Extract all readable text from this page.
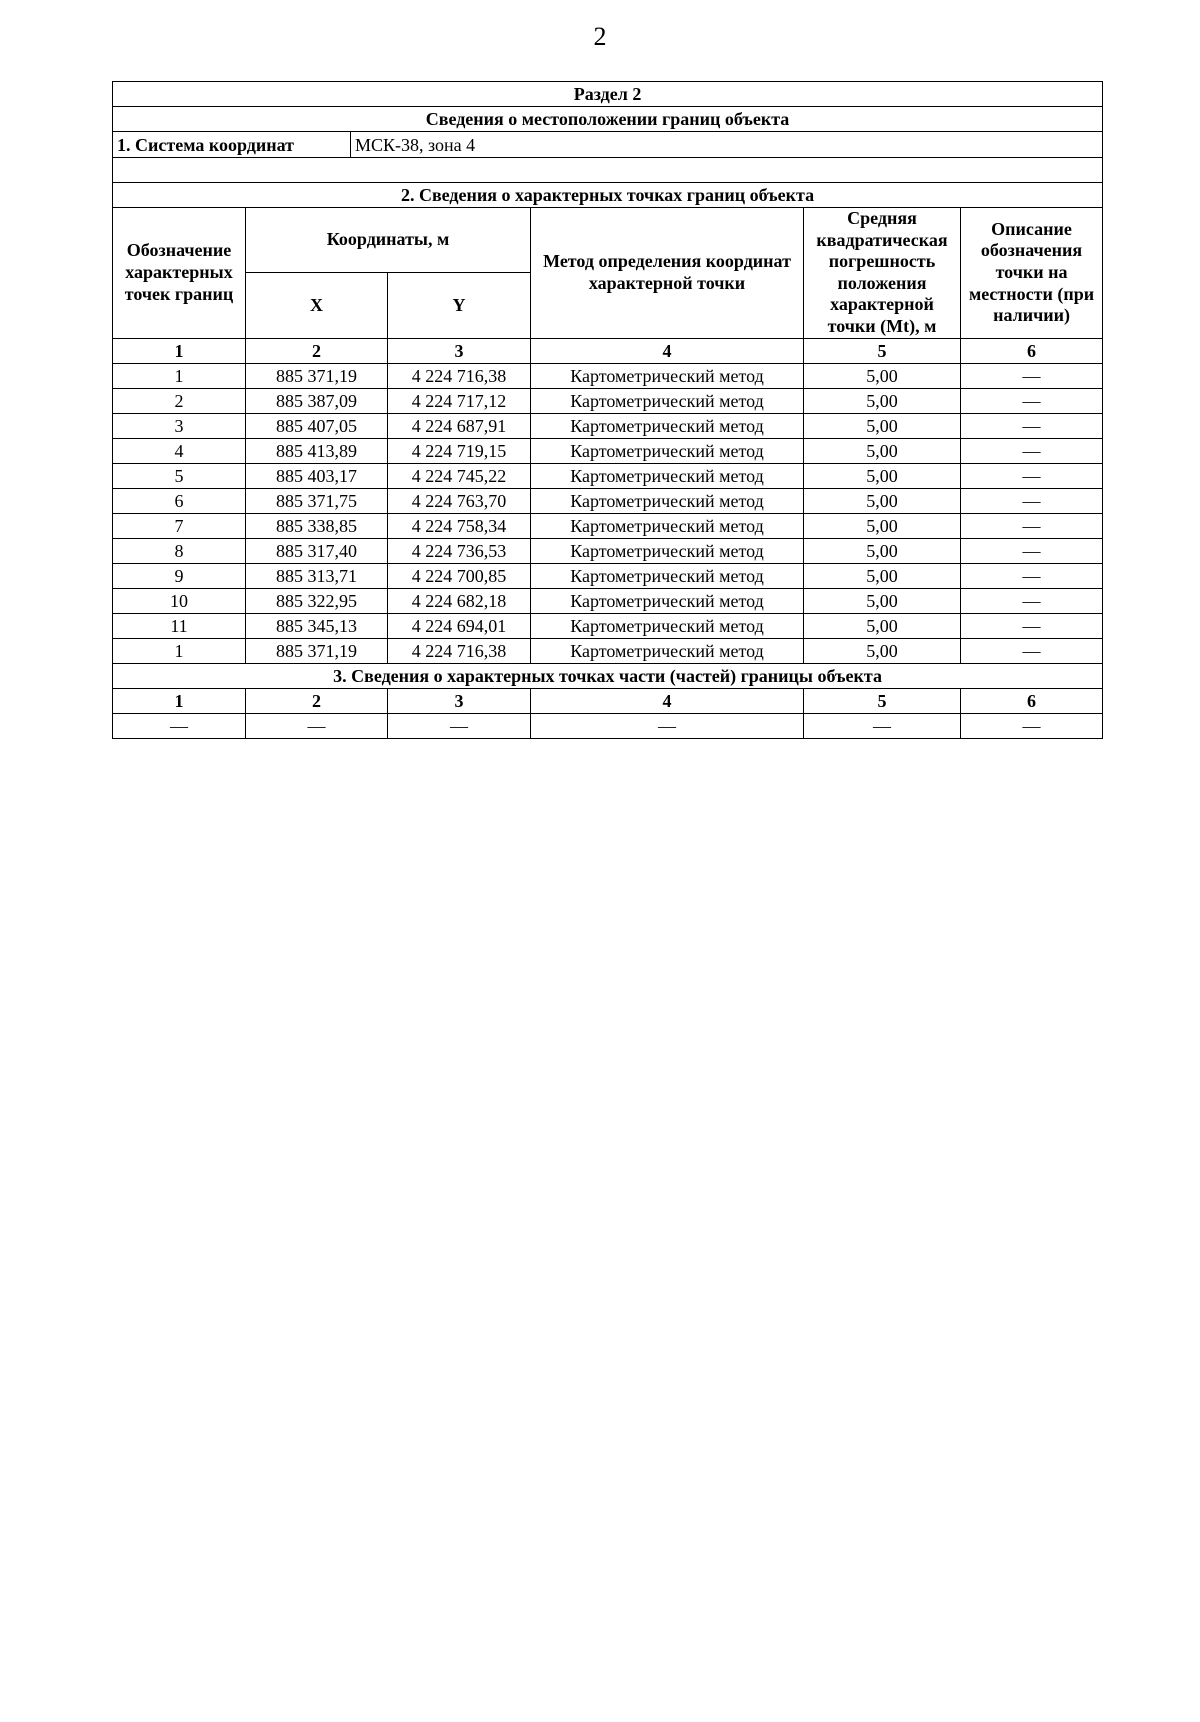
2
Раздел 2					
Сведения о местоположении границ объекта					

1. Система координат МСК-38, зона 4					

2. Сведения о характерных точках границ объекта					
Обозначение характерных точек границ	Координаты, м		Метод определения координат характерной точки	Средняя квадратическая погрешность положения характерной точки (Mt), м	Описание обозначения точки на местности (при наличии)
	X	Y			
1	2	3	4	5	6
1	885 371,19	4 224 716,38	Картометрический метод	5,00	—
2	885 387,09	4 224 717,12	Картометрический метод	5,00	—
3	885 407,05	4 224 687,91	Картометрический метод	5,00	—
4	885 413,89	4 224 719,15	Картометрический метод	5,00	—
5	885 403,17	4 224 745,22	Картометрический метод	5,00	—
6	885 371,75	4 224 763,70	Картометрический метод	5,00	—
7	885 338,85	4 224 758,34	Картометрический метод	5,00	—
8	885 317,40	4 224 736,53	Картометрический метод	5,00	—
9	885 313,71	4 224 700,85	Картометрический метод	5,00	—
10	885 322,95	4 224 682,18	Картометрический метод	5,00	—
11	885 345,13	4 224 694,01	Картометрический метод	5,00	—
1	885 371,19	4 224 716,38	Картометрический метод	5,00	—
3. Сведения о характерных точках части (частей) границы объекта					
1	2	3	4	5	6
—	—	—	—	—	—
